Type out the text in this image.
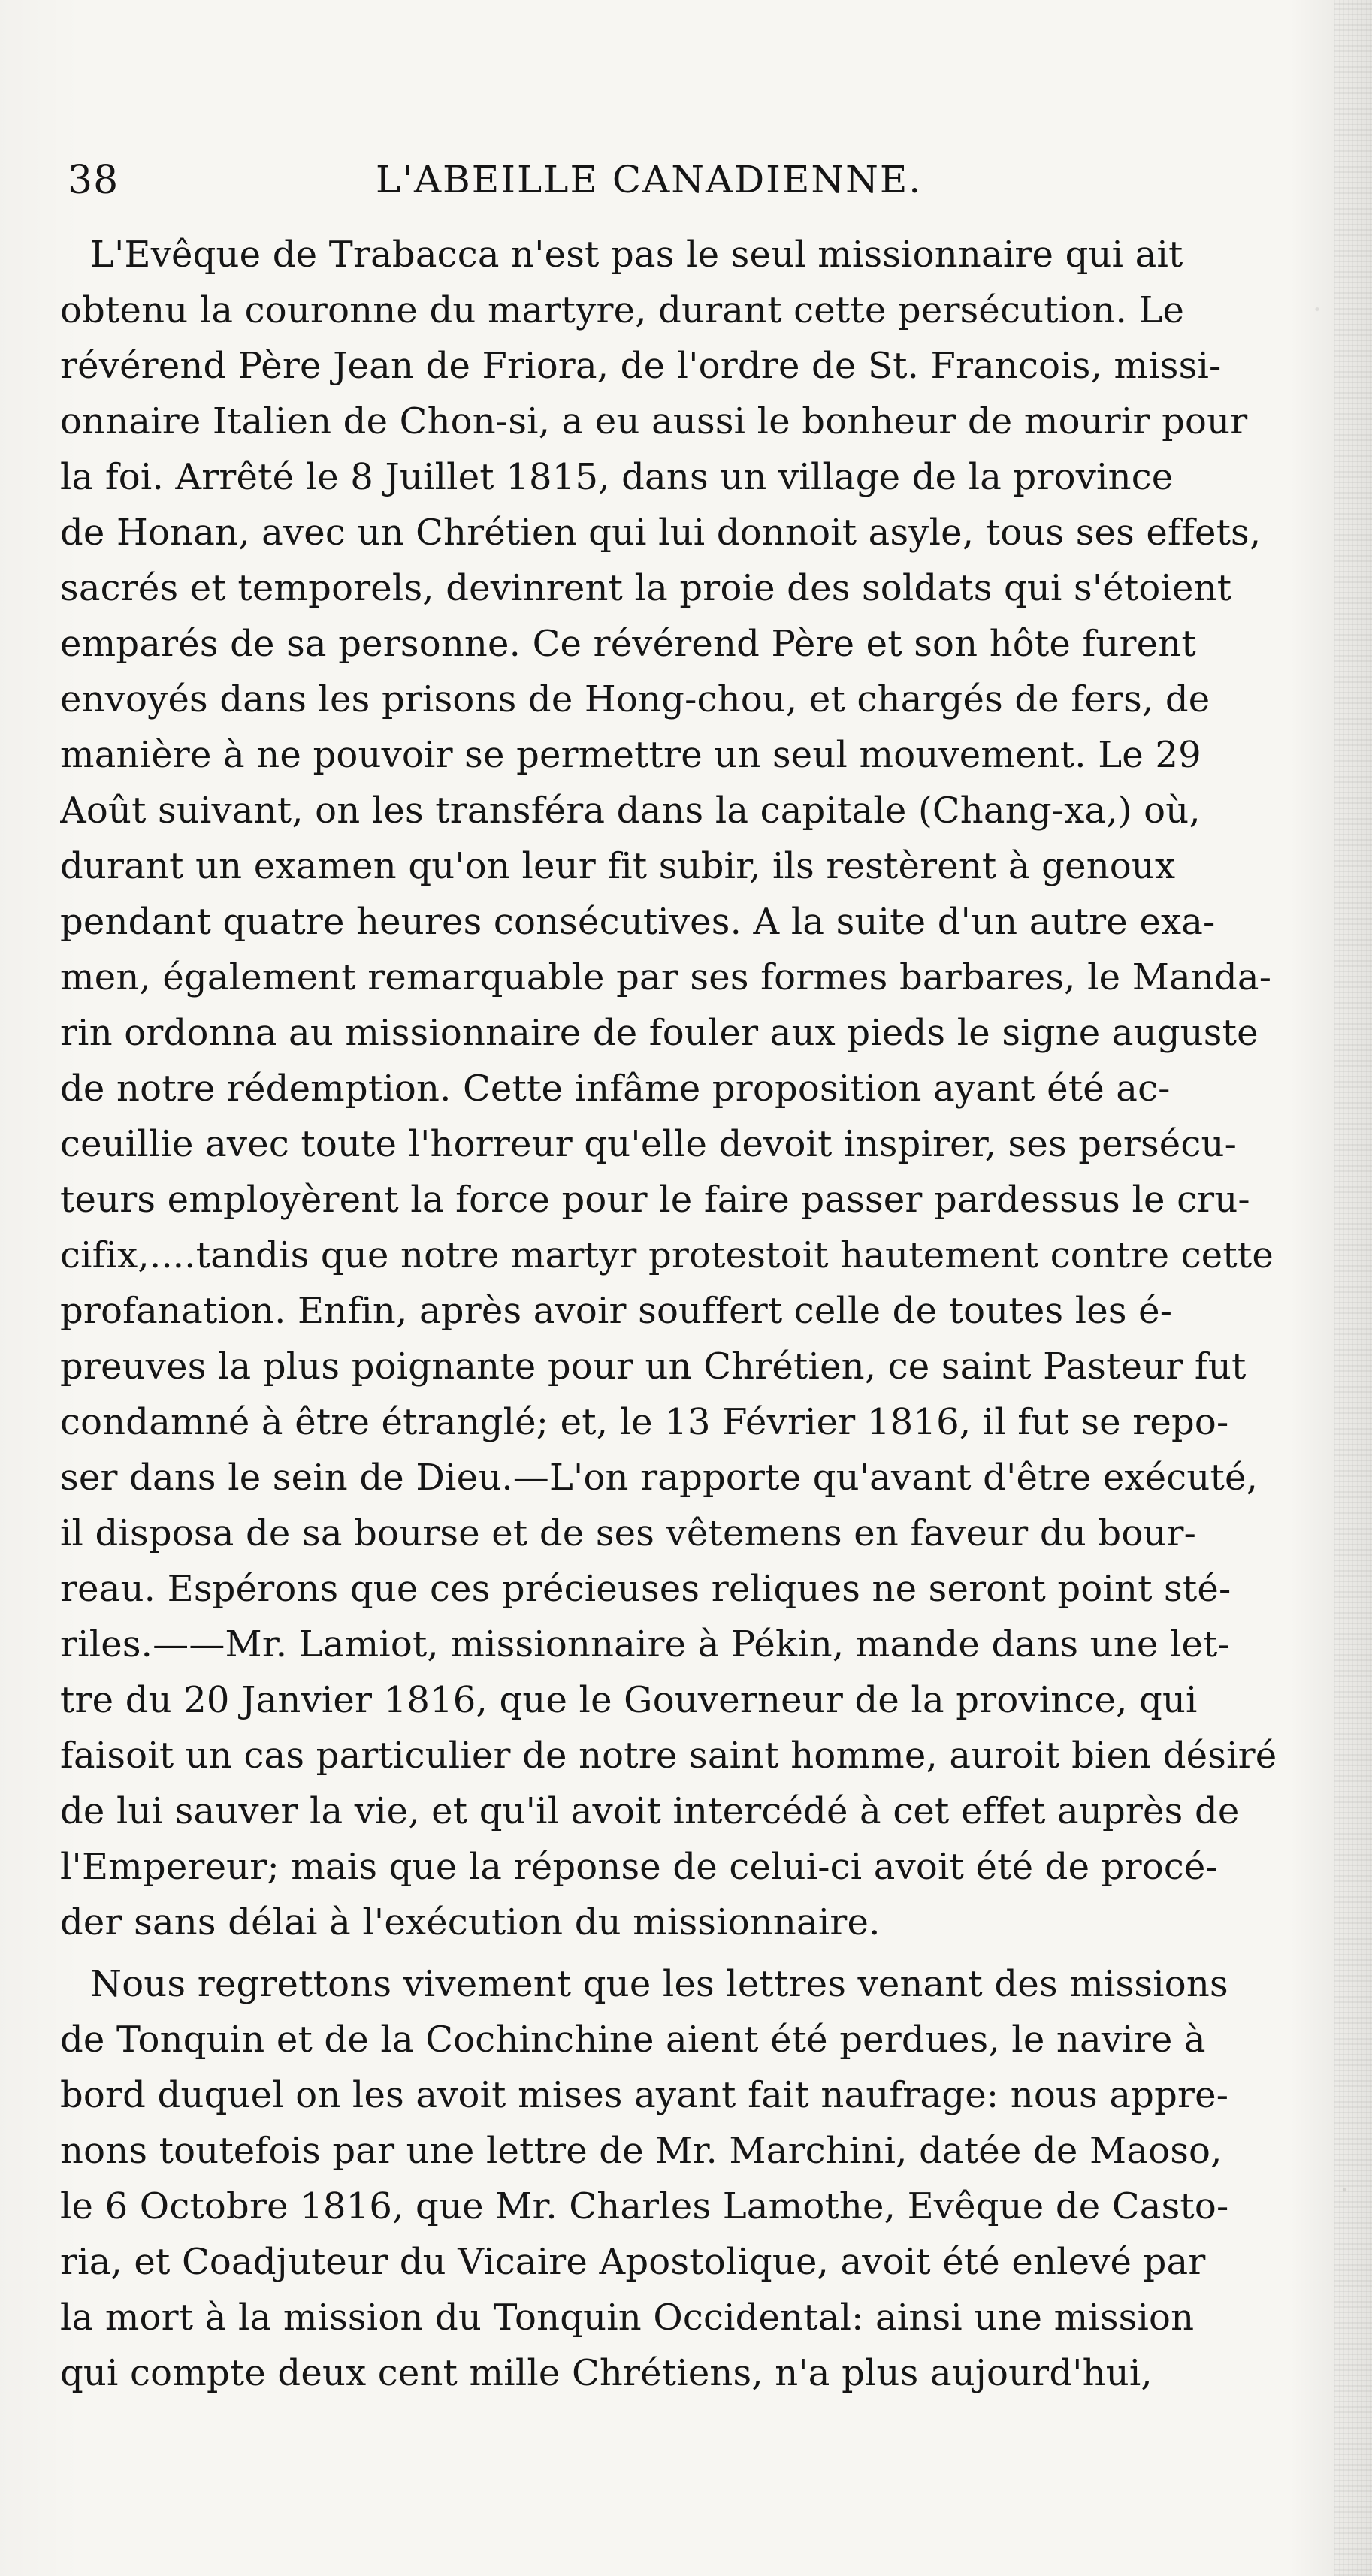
38	L'ABEILLE CANADIENNE.
L'Evêque de Trabacca n'est pas le seul missionnaire qui ait
obtenu la couronne du martyre, durant cette persécution. Le
révérend Père Jean de Friora, de l'ordre de St. Francois, missi-
onnaire Italien de Chon-si, a eu aussi le bonheur de mourir pour
la foi. Arrêté le 8 Juillet 1815, dans un village de la province
de Honan, avec un Chrétien qui lui donnoit asyle, tous ses effets,
sacrés et temporels, devinrent la proie des soldats qui s'étoient
emparés de sa personne. Ce révérend Père et son hôte furent
envoyés dans les prisons de Hong-chou, et chargés de fers, de
manière à ne pouvoir se permettre un seul mouvement. Le 29
Août suivant, on les transféra dans la capitale (Chang-xa,) où,
durant un examen qu'on leur fit subir, ils restèrent à genoux
pendant quatre heures consécutives. A la suite d'un autre exa-
men, également remarquable par ses formes barbares, le Manda-
rin ordonna au missionnaire de fouler aux pieds le signe auguste
de notre rédemption. Cette infâme proposition ayant été ac-
ceuillie avec toute l'horreur qu'elle devoit inspirer, ses persécu-
teurs employèrent la force pour le faire passer pardessus le cru-
cifix,....tandis que notre martyr protestoit hautement contre cette
profanation. Enfin, après avoir souffert celle de toutes les é-
preuves la plus poignante pour un Chrétien, ce saint Pasteur fut
condamné à être étranglé; et, le 13 Février 1816, il fut se repo-
ser dans le sein de Dieu.—L'on rapporte qu'avant d'être exécuté,
il disposa de sa bourse et de ses vêtemens en faveur du bour-
reau. Espérons que ces précieuses reliques ne seront point sté-
riles.——Mr. Lamiot, missionnaire à Pékin, mande dans une let-
tre du 20 Janvier 1816, que le Gouverneur de la province, qui
faisoit un cas particulier de notre saint homme, auroit bien désiré
de lui sauver la vie, et qu'il avoit intercédé à cet effet auprès de
l'Empereur; mais que la réponse de celui-ci avoit été de procé-
der sans délai à l'exécution du missionnaire.
Nous regrettons vivement que les lettres venant des missions
de Tonquin et de la Cochinchine aient été perdues, le navire à
bord duquel on les avoit mises ayant fait naufrage: nous appre-
nons toutefois par une lettre de Mr. Marchini, datée de Maoso,
le 6 Octobre 1816, que Mr. Charles Lamothe, Evêque de Casto-
ria, et Coadjuteur du Vicaire Apostolique, avoit été enlevé par
la mort à la mission du Tonquin Occidental: ainsi une mission
qui compte deux cent mille Chrétiens, n'a plus aujourd'hui,
